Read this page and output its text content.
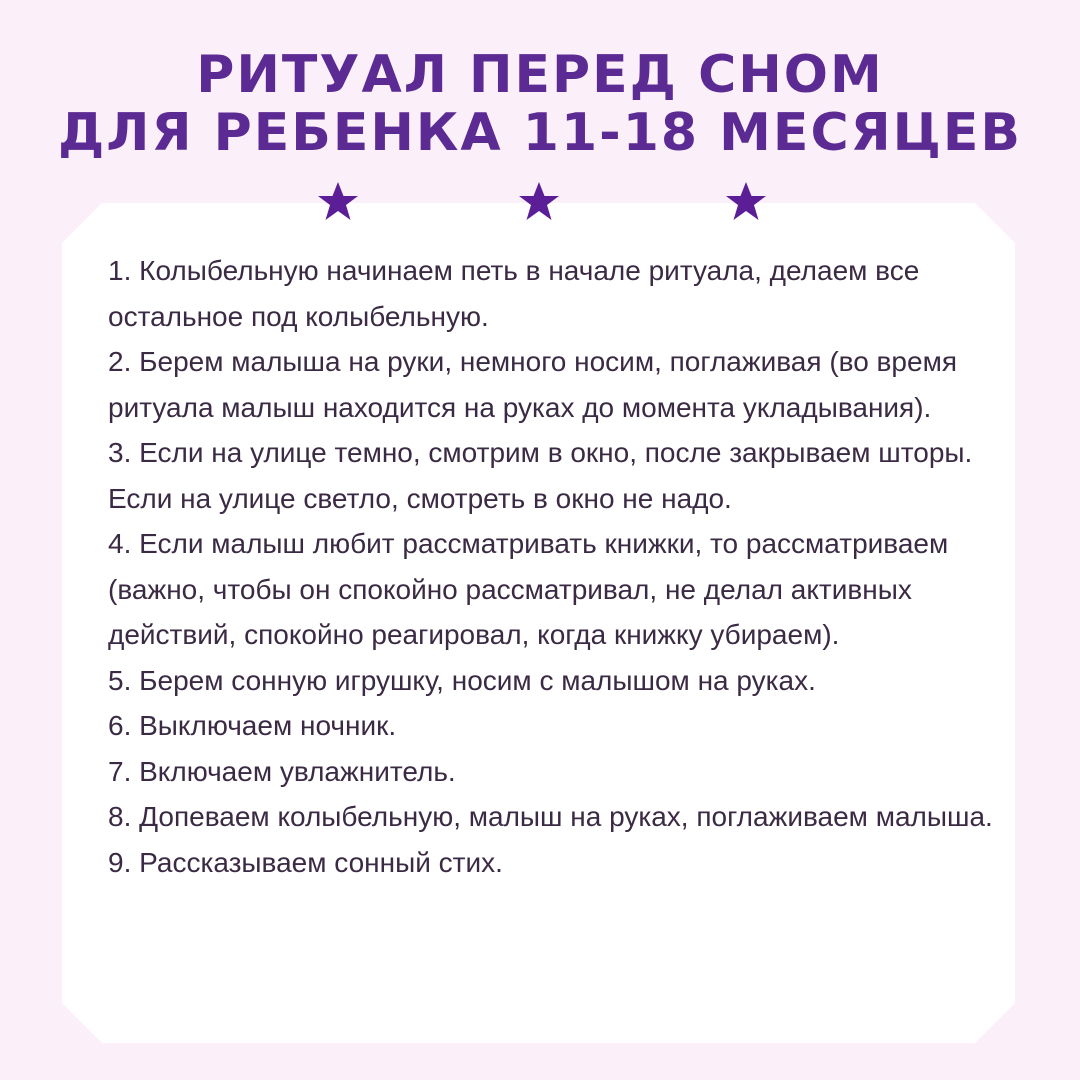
РИТУАЛ ПЕРЕД СНОМ
ДЛЯ РЕБЕНКА 11-18 МЕСЯЦЕВ

1. Колыбельную начинаем петь в начале ритуала, делаем все остальное под колыбельную.

2. Берем малыша на руки, немного носим, поглаживая (во время ритуала малыш находится на руках до момента укладывания).

3. Если на улице темно, смотрим в окно, после закрываем шторы. Если на улице светло, смотреть в окно не надо.

4. Если малыш любит рассматривать книжки, то рассматриваем (важно, чтобы он спокойно рассматривал, не делал активных действий, спокойно реагировал, когда книжку убираем).

5. Берем сонную игрушку, носим с малышом на руках.

6. Выключаем ночник.

7. Включаем увлажнитель.

8. Допеваем колыбельную, малыш на руках, поглаживаем малыша.

9. Рассказываем сонный стих.
